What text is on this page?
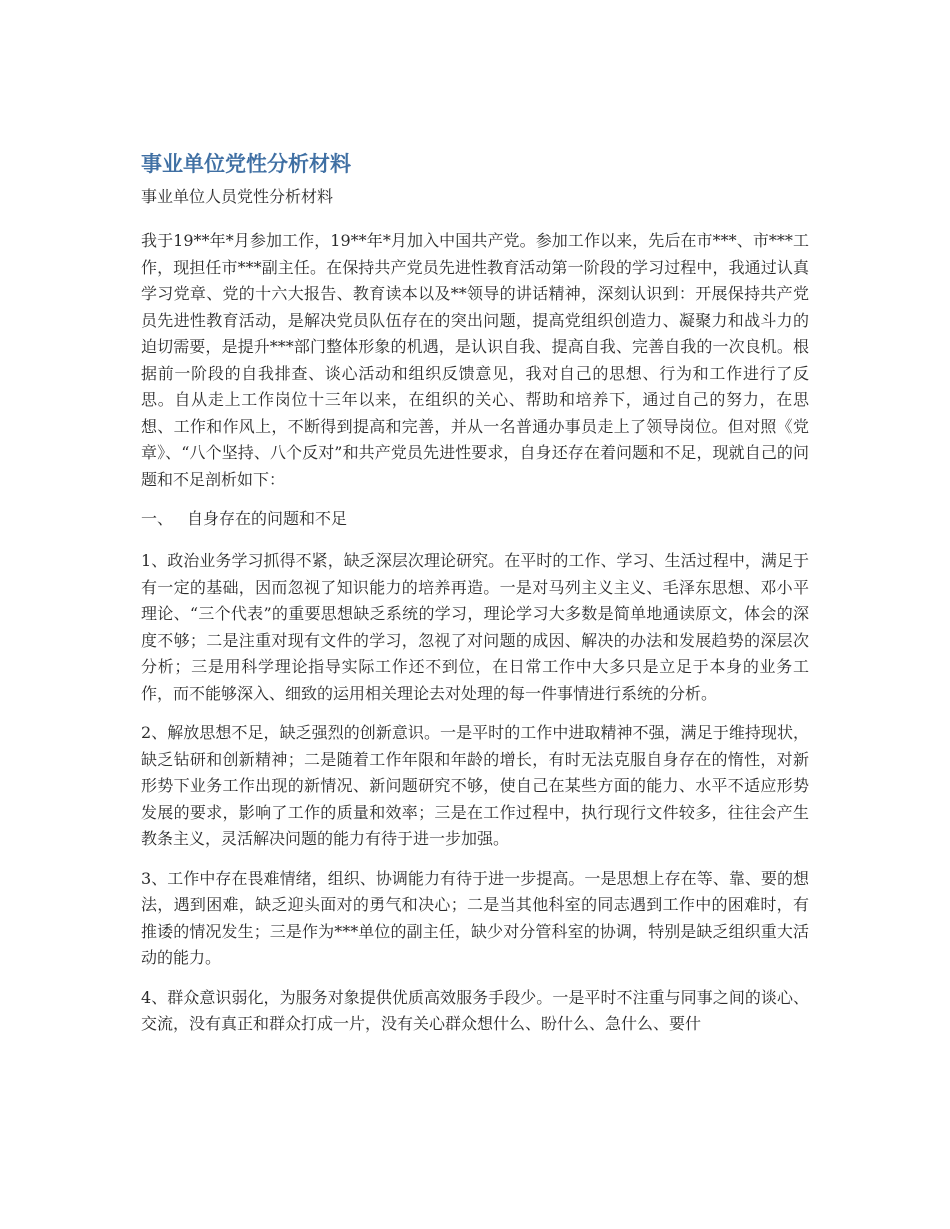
事业单位党性分析材料
事业单位人员党性分析材料

我于19**年*月参加工作，19**年*月加入中国共产党。参加工作以来，先后在市***、市***工作，现担任市***副主任。在保持共产党员先进性教育活动第一阶段的学习过程中，我通过认真学习党章、党的十六大报告、教育读本以及**领导的讲话精神，深刻认识到：开展保持共产党员先进性教育活动，是解决党员队伍存在的突出问题，提高党组织创造力、凝聚力和战斗力的迫切需要，是提升***部门整体形象的机遇，是认识自我、提高自我、完善自我的一次良机。根据前一阶段的自我排查、谈心活动和组织反馈意见，我对自己的思想、行为和工作进行了反思。自从走上工作岗位十三年以来，在组织的关心、帮助和培养下，通过自己的努力，在思想、工作和作风上，不断得到提高和完善，并从一名普通办事员走上了领导岗位。但对照《党章》、“八个坚持、八个反对”和共产党员先进性要求，自身还存在着问题和不足，现就自己的问题和不足剖析如下：

一、 自身存在的问题和不足

1、政治业务学习抓得不紧，缺乏深层次理论研究。在平时的工作、学习、生活过程中，满足于有一定的基础，因而忽视了知识能力的培养再造。一是对马列主义主义、毛泽东思想、邓小平理论、“三个代表”的重要思想缺乏系统的学习，理论学习大多数是简单地通读原文，体会的深度不够；二是注重对现有文件的学习，忽视了对问题的成因、解决的办法和发展趋势的深层次分析；三是用科学理论指导实际工作还不到位，在日常工作中大多只是立足于本身的业务工作，而不能够深入、细致的运用相关理论去对处理的每一件事情进行系统的分析。

2、解放思想不足，缺乏强烈的创新意识。一是平时的工作中进取精神不强，满足于维持现状，缺乏钻研和创新精神；二是随着工作年限和年龄的增长，有时无法克服自身存在的惰性，对新形势下业务工作出现的新情况、新问题研究不够，使自己在某些方面的能力、水平不适应形势发展的要求，影响了工作的质量和效率；三是在工作过程中，执行现行文件较多，往往会产生教条主义，灵活解决问题的能力有待于进一步加强。

3、工作中存在畏难情绪，组织、协调能力有待于进一步提高。一是思想上存在等、靠、要的想法，遇到困难，缺乏迎头面对的勇气和决心；二是当其他科室的同志遇到工作中的困难时，有推诿的情况发生；三是作为***单位的副主任，缺少对分管科室的协调，特别是缺乏组织重大活动的能力。

4、群众意识弱化，为服务对象提供优质高效服务手段少。一是平时不注重与同事之间的谈心、交流，没有真正和群众打成一片，没有关心群众想什么、盼什么、急什么、要什
